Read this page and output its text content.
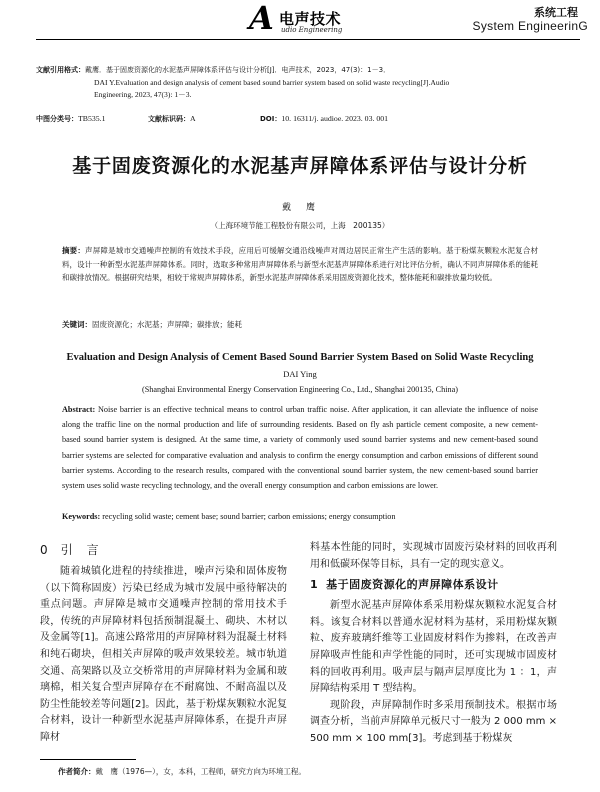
A 电声技术
udio Engineering
系统工程
System EngineerinG
文献引用格式：戴鹰．基于固废资源化的水泥基声屏障体系评估与设计分析[J]．电声技术，2023，47(3)：1－3．
DAI Y.Evaluation and design analysis of cement based sound barrier system based on solid waste recycling[J].Audio
Engineering, 2023, 47(3): 1－3.
中图分类号：TB535.1	文献标识码：A	DOI：10. 16311/j. audioe. 2023. 03. 001
基于固废资源化的水泥基声屏障体系评估与设计分析
戴　鹰
（上海环境节能工程股份有限公司，上海　200135）
摘要：声屏障是城市交通噪声控制的有效技术手段，应用后可缓解交通沿线噪声对周边居民正常生产生活的影响。基于粉煤灰颗粒水泥复合材料，设计一种新型水泥基声屏障体系。同时，选取多种常用声屏障体系与新型水泥基声屏障体系进行对比评估分析，确认不同声屏障体系的能耗和碳排放情况。根据研究结果，相较于常规声屏障体系，新型水泥基声屏障体系采用固废资源化技术，整体能耗和碳排放量均较低。
关键词：固废资源化；水泥基；声屏障；碳排放；能耗
Evaluation and Design Analysis of Cement Based Sound Barrier System Based on Solid Waste Recycling
DAI Ying
(Shanghai Environmental Energy Conservation Engineering Co., Ltd., Shanghai 200135, China)
Abstract: Noise barrier is an effective technical means to control urban traffic noise. After application, it can alleviate the influence of noise along the traffic line on the normal production and life of surrounding residents. Based on fly ash particle cement composite, a new cement-based sound barrier system is designed. At the same time, a variety of commonly used sound barrier systems and new cement-based sound barrier systems are selected for comparative evaluation and analysis to confirm the energy consumption and carbon emissions of different sound barrier systems. According to the research results, compared with the conventional sound barrier system, the new cement-based sound barrier system uses solid waste recycling technology, and the overall energy consumption and carbon emissions are lower.
Keywords: recycling solid waste; cement base; sound barrier; carbon emissions; energy consumption
0 引　言

随着城镇化进程的持续推进，噪声污染和固体废物（以下简称固废）污染已经成为城市发展中亟待解决的重点问题。声屏障是城市交通噪声控制的常用技术手段，传统的声屏障材料包括预制混凝土、砌块、木材以及金属等[1]。高速公路常用的声屏障材料为混凝土材料和纯石砌块，但相关声屏障的吸声效果较差。城市轨道交通、高架路以及立交桥常用的声屏障材料为金属和玻璃棉，相关复合型声屏障存在不耐腐蚀、不耐高温以及防尘性能较差等问题[2]。因此，基于粉煤灰颗粒水泥复合材料，设计一种新型水泥基声屏障体系，在提升声屏障材

料基本性能的同时，实现城市固废污染材料的回收再利用和低碳环保等目标，具有一定的现实意义。

1 基于固废资源化的声屏障体系设计

新型水泥基声屏障体系采用粉煤灰颗粒水泥复合材料。该复合材料以普通水泥材料为基材，采用粉煤灰颗粒、废弃玻璃纤维等工业固废材料作为掺料，在改善声屏障吸声性能和声学性能的同时，还可实现城市固废材料的回收再利用。吸声层与隔声层厚度比为 1 ：1，声屏障结构采用 T 型结构。

现阶段，声屏障制作时多采用预制技术。根据市场调查分析，当前声屏障单元板尺寸一般为 2 000 mm × 500 mm × 100 mm[3]。考虑到基于粉煤灰

作者简介：戴　鹰（1976—），女，本科，工程师，研究方向为环境工程。
